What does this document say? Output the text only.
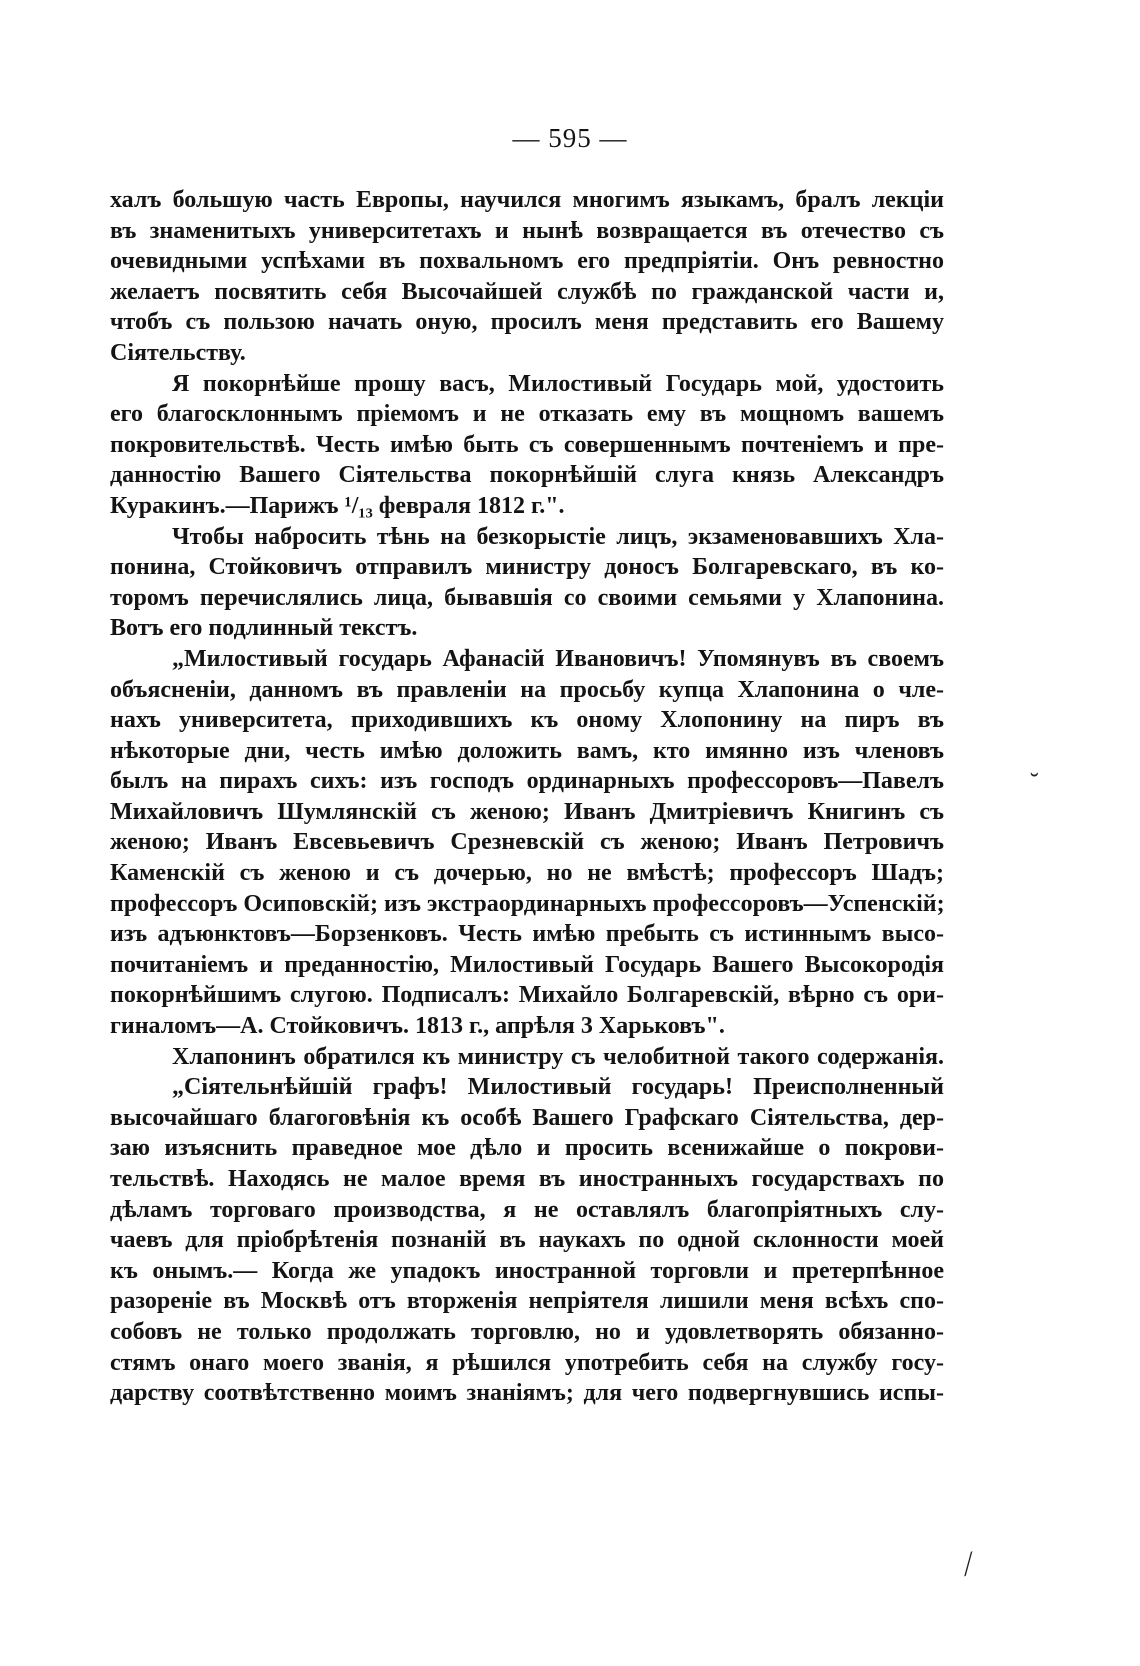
— 595 —
халъ большую часть Европы, научился многимъ языкамъ, бралъ лекціи
въ знаменитыхъ университетахъ и нынѣ возвращается въ отечество съ
очевидными успѣхами въ похвальномъ его предпріятіи. Онъ ревностно
желаетъ посвятить себя Высочайшей службѣ по гражданской части и,
чтобъ съ пользою начать оную, просилъ меня представить его Вашему
Сіятельству.
Я покорнѣйше прошу васъ, Милостивый Государь мой, удостоить
его благосклоннымъ пріемомъ и не отказать ему въ мощномъ вашемъ
покровительствѣ. Честь имѣю быть съ совершеннымъ почтеніемъ и пре-
данностію Вашего Сіятельства покорнѣйшій слуга князь Александръ
Куракинъ.—Парижъ ¹/₁₃ февраля 1812 г.".
Чтобы набросить тѣнь на безкорыстіе лицъ, экзаменовавшихъ Хла-
понина, Стойковичъ отправилъ министру доносъ Болгаревскаго, въ ко-
торомъ перечислялись лица, бывавшія со своими семьями у Хлапонина.
Вотъ его подлинный текстъ.
„Милостивый государь Афанасій Ивановичъ! Упомянувъ въ своемъ
объясненіи, данномъ въ правленіи на просьбу купца Хлапонина о чле-
нахъ университета, приходившихъ къ оному Хлопонину на пиръ въ
нѣкоторые дни, честь имѣю доложить вамъ, кто имянно изъ членовъ
былъ на пирахъ сихъ: изъ господъ ординарныхъ профессоровъ—Павелъ
Михайловичъ Шумлянскій съ женою; Иванъ Дмитріевичъ Книгинъ съ
женою; Иванъ Евсевьевичъ Срезневскій съ женою; Иванъ Петровичъ
Каменскій съ женою и съ дочерью, но не вмѣстѣ; профессоръ Шадъ;
профессоръ Осиповскій; изъ экстраординарныхъ профессоровъ—Успенскій;
изъ адъюнктовъ—Борзенковъ. Честь имѣю пребыть съ истиннымъ высо-
почитаніемъ и преданностію, Милостивый Государь Вашего Высокородія
покорнѣйшимъ слугою. Подписалъ: Михайло Болгаревскій, вѣрно съ ори-
гиналомъ—А. Стойковичъ. 1813 г., апрѣля 3 Харьковъ".
Хлапонинъ обратился къ министру съ челобитной такого содержанія.
„Сіятельнѣйшій графъ! Милостивый государь! Преисполненный
высочайшаго благоговѣнія къ особѣ Вашего Графскаго Сіятельства, дер-
заю изъяснить праведное мое дѣло и просить всенижайше о покрови-
тельствѣ. Находясь не малое время въ иностранныхъ государствахъ по
дѣламъ торговаго производства, я не оставлялъ благопріятныхъ слу-
чаевъ для пріобрѣтенія познаній въ наукахъ по одной склонности моей
къ онымъ.— Когда же упадокъ иностранной торговли и претерпѣнное
разореніе въ Москвѣ отъ вторженія непріятеля лишили меня всѣхъ спо-
собовъ не только продолжать торговлю, но и удовлетворять обязанно-
стямъ онаго моего званія, я рѣшился употребить себя на службу госу-
дарству соотвѣтственно моимъ знаніямъ; для чего подвергнувшись испы-
˘
⟋
